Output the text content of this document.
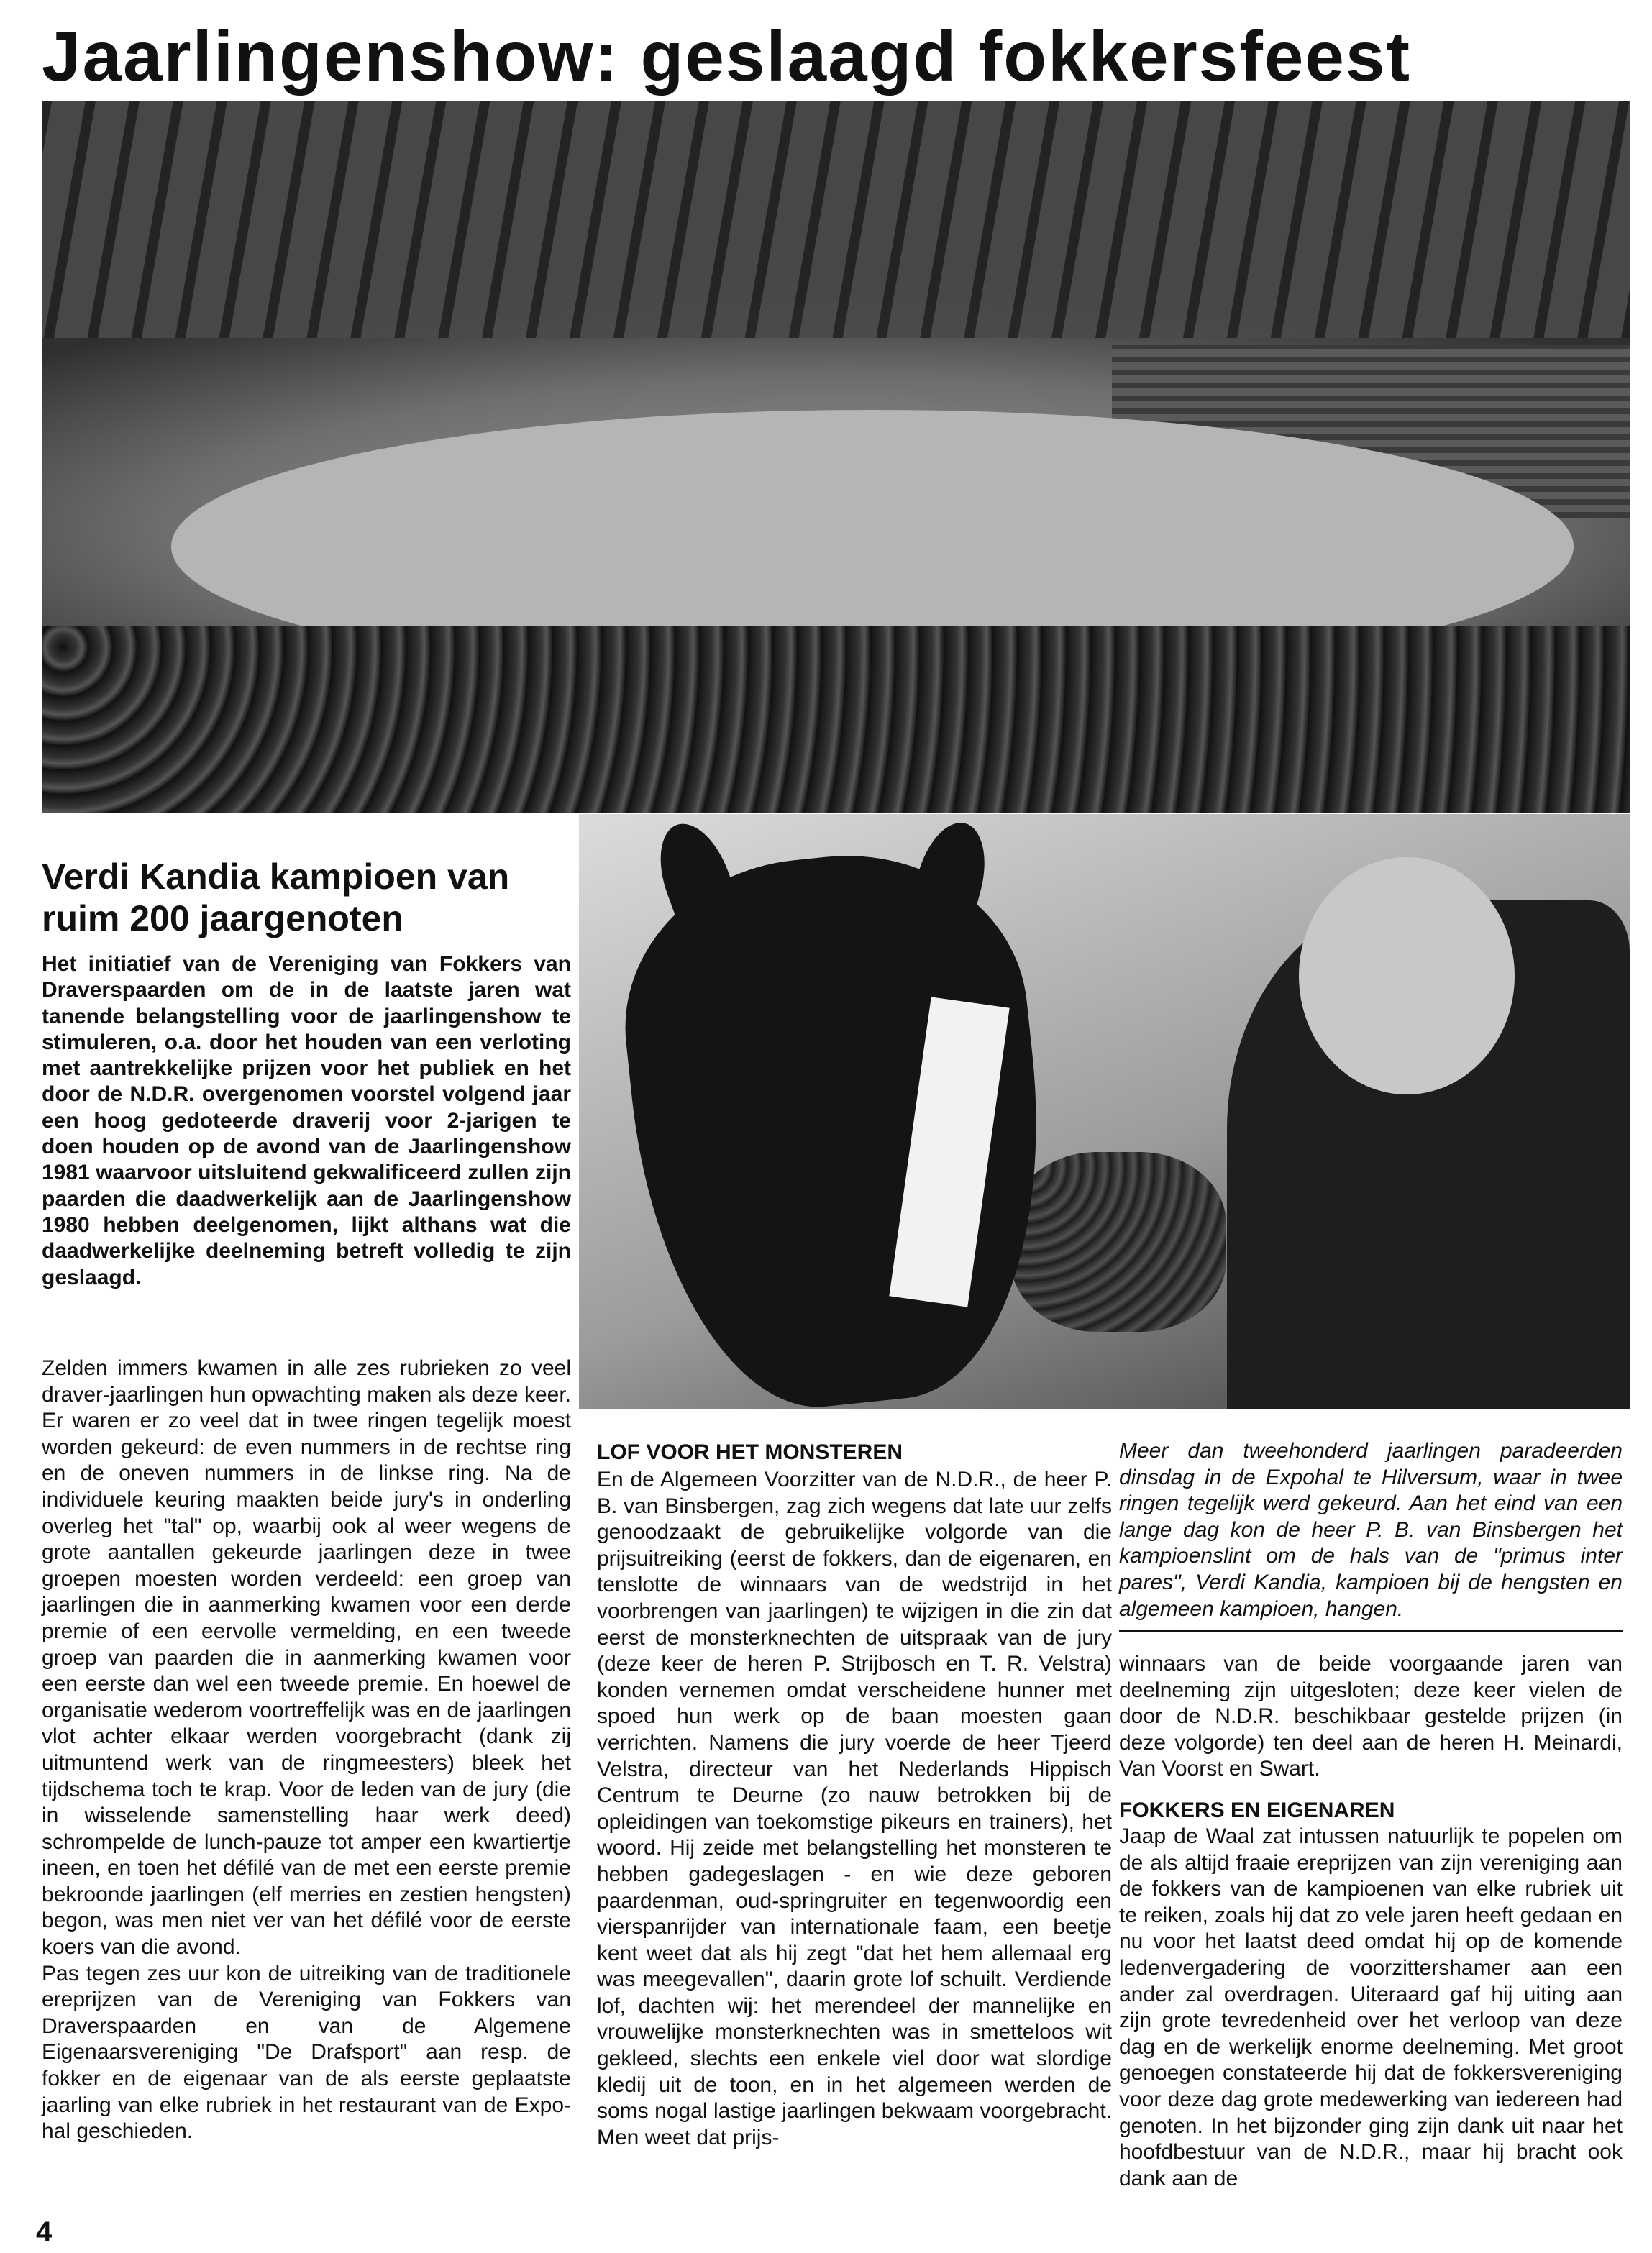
Jaarlingenshow: geslaagd fokkersfeest
Verdi Kandia kampioen van ruim 200 jaargenoten

Het initiatief van de Vereniging van Fokkers van Draverspaarden om de in de laatste jaren wat tanende belangstelling voor de jaarlingenshow te stimuleren, o.a. door het houden van een verloting met aantrekkelijke prijzen voor het publiek en het door de N.D.R. overgenomen voorstel volgend jaar een hoog gedoteerde draverij voor 2-jarigen te doen houden op de avond van de Jaarlingenshow 1981 waarvoor uitsluitend gekwalificeerd zullen zijn paarden die daadwerkelijk aan de Jaarlingenshow 1980 hebben deelgenomen, lijkt althans wat die daadwerkelijke deelneming betreft volledig te zijn geslaagd.

Zelden immers kwamen in alle zes rubrieken zo veel draver-jaarlingen hun opwachting maken als deze keer. Er waren er zo veel dat in twee ringen tegelijk moest worden gekeurd: de even nummers in de rechtse ring en de oneven nummers in de linkse ring. Na de individuele keuring maakten beide jury's in onderling overleg het "tal" op, waarbij ook al weer wegens de grote aantallen gekeurde jaarlingen deze in twee groepen moesten worden verdeeld: een groep van jaarlingen die in aanmerking kwamen voor een derde premie of een eervolle vermelding, en een tweede groep van paarden die in aanmerking kwamen voor een eerste dan wel een tweede premie. En hoewel de organisatie wederom voortreffelijk was en de jaarlingen vlot achter elkaar werden voorgebracht (dank zij uitmuntend werk van de ringmeesters) bleek het tijdschema toch te krap. Voor de leden van de jury (die in wisselende samenstelling haar werk deed) schrompelde de lunch-pauze tot amper een kwartiertje ineen, en toen het défilé van de met een eerste premie bekroonde jaarlingen (elf merries en zestien hengsten) begon, was men niet ver van het défilé voor de eerste koers van die avond.

Pas tegen zes uur kon de uitreiking van de traditionele ereprijzen van de Vereniging van Fokkers van Draverspaarden en van de Algemene Eigenaarsvereniging "De Drafsport" aan resp. de fokker en de eigenaar van de als eerste geplaatste jaarling van elke rubriek in het restaurant van de Expo-hal geschieden.

LOF VOOR HET MONSTEREN

En de Algemeen Voorzitter van de N.D.R., de heer P. B. van Binsbergen, zag zich wegens dat late uur zelfs genoodzaakt de gebruikelijke volgorde van die prijsuitreiking (eerst de fokkers, dan de eigenaren, en tenslotte de winnaars van de wedstrijd in het voorbrengen van jaarlingen) te wijzigen in die zin dat eerst de monsterknechten de uitspraak van de jury (deze keer de heren P. Strijbosch en T. R. Velstra) konden vernemen omdat verscheidene hunner met spoed hun werk op de baan moesten gaan verrichten. Namens die jury voerde de heer Tjeerd Velstra, directeur van het Nederlands Hippisch Centrum te Deurne (zo nauw betrokken bij de opleidingen van toekomstige pikeurs en trainers), het woord. Hij zeide met belangstelling het monsteren te hebben gadegeslagen - en wie deze geboren paardenman, oud-springruiter en tegenwoordig een vierspanrijder van internationale faam, een beetje kent weet dat als hij zegt "dat het hem allemaal erg was meegevallen", daarin grote lof schuilt. Verdiende lof, dachten wij: het merendeel der mannelijke en vrouwelijke monsterknechten was in smetteloos wit gekleed, slechts een enkele viel door wat slordige kledij uit de toon, en in het algemeen werden de soms nogal lastige jaarlingen bekwaam voorgebracht. Men weet dat prijs-

Meer dan tweehonderd jaarlingen paradeerden dinsdag in de Expohal te Hilversum, waar in twee ringen tegelijk werd gekeurd. Aan het eind van een lange dag kon de heer P. B. van Binsbergen het kampioenslint om de hals van de "primus inter pares", Verdi Kandia, kampioen bij de hengsten en algemeen kampioen, hangen.

winnaars van de beide voorgaande jaren van deelneming zijn uitgesloten; deze keer vielen de door de N.D.R. beschikbaar gestelde prijzen (in deze volgorde) ten deel aan de heren H. Meinardi, Van Voorst en Swart.

FOKKERS EN EIGENAREN

Jaap de Waal zat intussen natuurlijk te popelen om de als altijd fraaie ereprijzen van zijn vereniging aan de fokkers van de kampioenen van elke rubriek uit te reiken, zoals hij dat zo vele jaren heeft gedaan en nu voor het laatst deed omdat hij op de komende ledenvergadering de voorzittershamer aan een ander zal overdragen. Uiteraard gaf hij uiting aan zijn grote tevredenheid over het verloop van deze dag en de werkelijk enorme deelneming. Met groot genoegen constateerde hij dat de fokkersvereniging voor deze dag grote medewerking van iedereen had genoten. In het bijzonder ging zijn dank uit naar het hoofdbestuur van de N.D.R., maar hij bracht ook dank aan de

4
